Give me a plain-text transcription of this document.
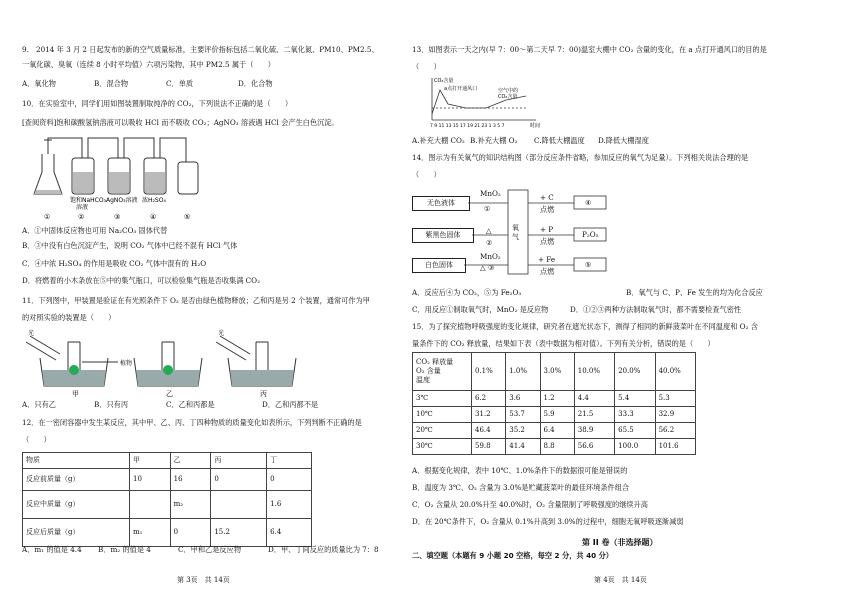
9.　2014 年 3 月 2 日起发布的新的空气质量标准，主要评价指标包括二氧化硫、二氧化氮、PM10、PM2.5、
一氧化碳、臭氧（连续 8 小时平均值）六项污染物，其中 PM2.5 属于（　　）
A．氧化物	B．混合物	C．单质	D．化合物
10．在实验室中，同学们用如图装置制取纯净的 CO₂，下列说法不正确的是（　　）
[查阅资料]饱和碳酸氢钠溶液可以吸收 HCl 而不吸收 CO₂；AgNO₃ 溶液遇 HCl 会产生白色沉淀。
饱和NaHCO₃
溶液
AgNO₃溶液 浓H₂SO₄
①	②	③	④	⑤
A．①中固体反应物也可用 Na₂CO₃ 固体代替
B．③中没有白色沉淀产生，说明 CO₂ 气体中已经不混有 HCl 气体
C．④中浓 H₂SO₄ 的作用是吸收 CO₂ 气体中混有的 H₂O
D．将燃着的小木条放在⑤中的集气瓶口，可以检验集气瓶是否收集满 CO₂
11．下列图中，甲装置是验证在有光照条件下 O₂ 是否由绿色植物释放；乙和丙是另 2 个装置，通常可作为甲
的对照实验的装置是（　　）
光
植物
光
甲	乙	丙
A．只有乙	B．只有丙	C．乙和丙都是	D．乙和丙都不是
12．在一密闭容器中发生某反应，其中甲、乙、丙、丁四种物质的质量变化如表所示，下列判断不正确的是
（　　）
物质	甲	乙	丙	丁
反应前质量（g）	10	16	0	0
反应中质量（g）		m₂		1.6
反应后质量（g）	m₁	0	15.2	6.4
A．m₁ 的值是 4.4	B．m₂ 的值是 4	C．甲和乙是反应物	D．甲、丁间反应的质量比为 7：8
第 3页　共 14页
13．如图表示一天之内(早 7：00～第二天早 7：00)温室大棚中 CO₂ 含量的变化，在 a 点打开通风口的目的是
（　　）
CO₂含量
a点打开通风口	空气中的
CO₂含量
7 9 11 13 15 17 19 21 23 1 3 5 7	时间
A.补充大棚 CO₂ B.补充大棚 O₂	C.降低大棚温度	D.降低大棚湿度
14．图示为有关氧气的知识结构图（部分反应条件省略，参加反应的氧气为足量）。下列相关说法合理的是
（　　）
无色液体
紫黑色固体
白色固体
MnO₂
①
△
②
MnO₂
△ ③
氧气
+ C
点燃
+ P
点燃
+ Fe
点燃
④
P₂O₅
⑤
A．反应后④为 CO₂，⑤为 Fe₂O₃	B．氧气与 C、P、Fe 发生的均为化合反应
C．用反应①制取氧气时，MnO₂ 是反应物	D．①②③两种方法制取氧气时，都不需要检查气密性
15．为了探究植物呼吸强度的变化规律，研究者在遮光状态下，测得了相同的新鲜菠菜叶在不同温度和 O₂ 含
量条件下的 CO₂ 释放量，结果如下表（表中数据为相对值）。下列有关分析，错误的是（　　）
CO₂ 释放量
O₂ 含量
温度	0.1%	1.0%	3.0%	10.0%	20.0%	40.0%
3℃	6.2	3.6	1.2	4.4	5.4	5.3
10℃	31.2	53.7	5.9	21.5	33.3	32.9
20℃	46.4	35.2	6.4	38.9	65.5	56.2
30℃	59.8	41.4	8.8	56.6	100.0	101.6
A．根据变化规律，表中 10℃、1.0%条件下的数据很可能是错误的
B．温度为 3℃、O₂ 含量为 3.0%是贮藏菠菜叶的最佳环境条件组合
C．O₂ 含量从 20.0%升至 40.0%时，O₂ 含量限制了呼吸强度的继续升高
D．在 20℃条件下，O₂ 含量从 0.1%升高到 3.0%的过程中，细胞无氧呼吸逐渐减弱
第 II 卷（非选择题）
二、填空题（本题有 9 小题 20 空格，每空 2 分，共 40 分）
第 4页　共 14页
